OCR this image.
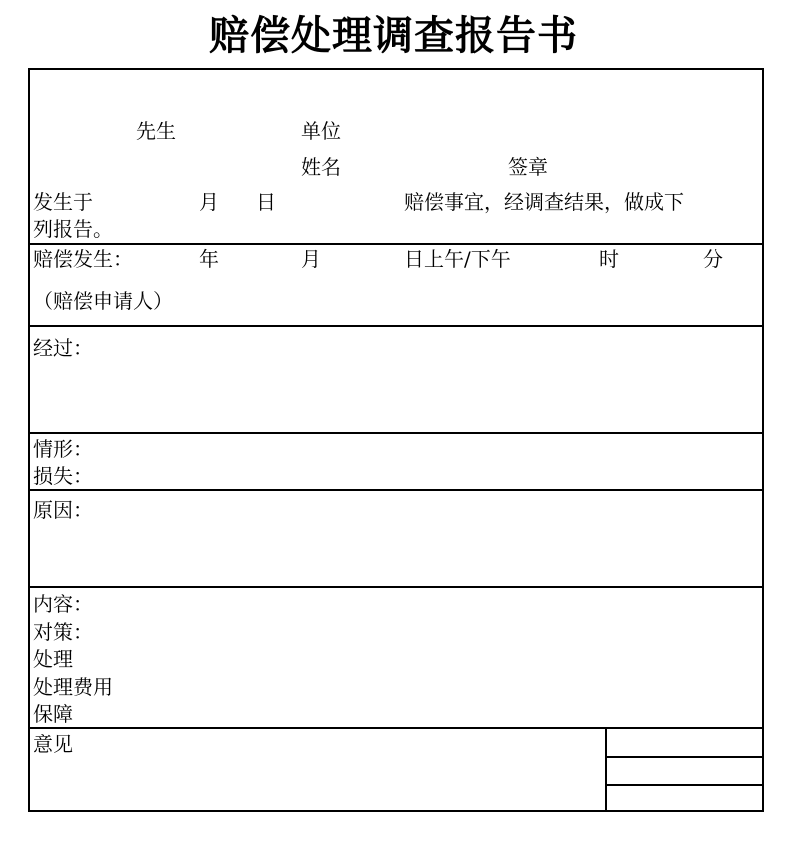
赔偿处理调查报告书
先生	单位
姓名	签章
发生于	月 日	赔偿事宜，经调查结果，做成下
列报告。
赔偿发生：	年	月	日上午/下午	时	分
（赔偿申请人）
经过：
情形：
损失：
原因：
内容：
对策：
处理
处理费用
保障
意见
